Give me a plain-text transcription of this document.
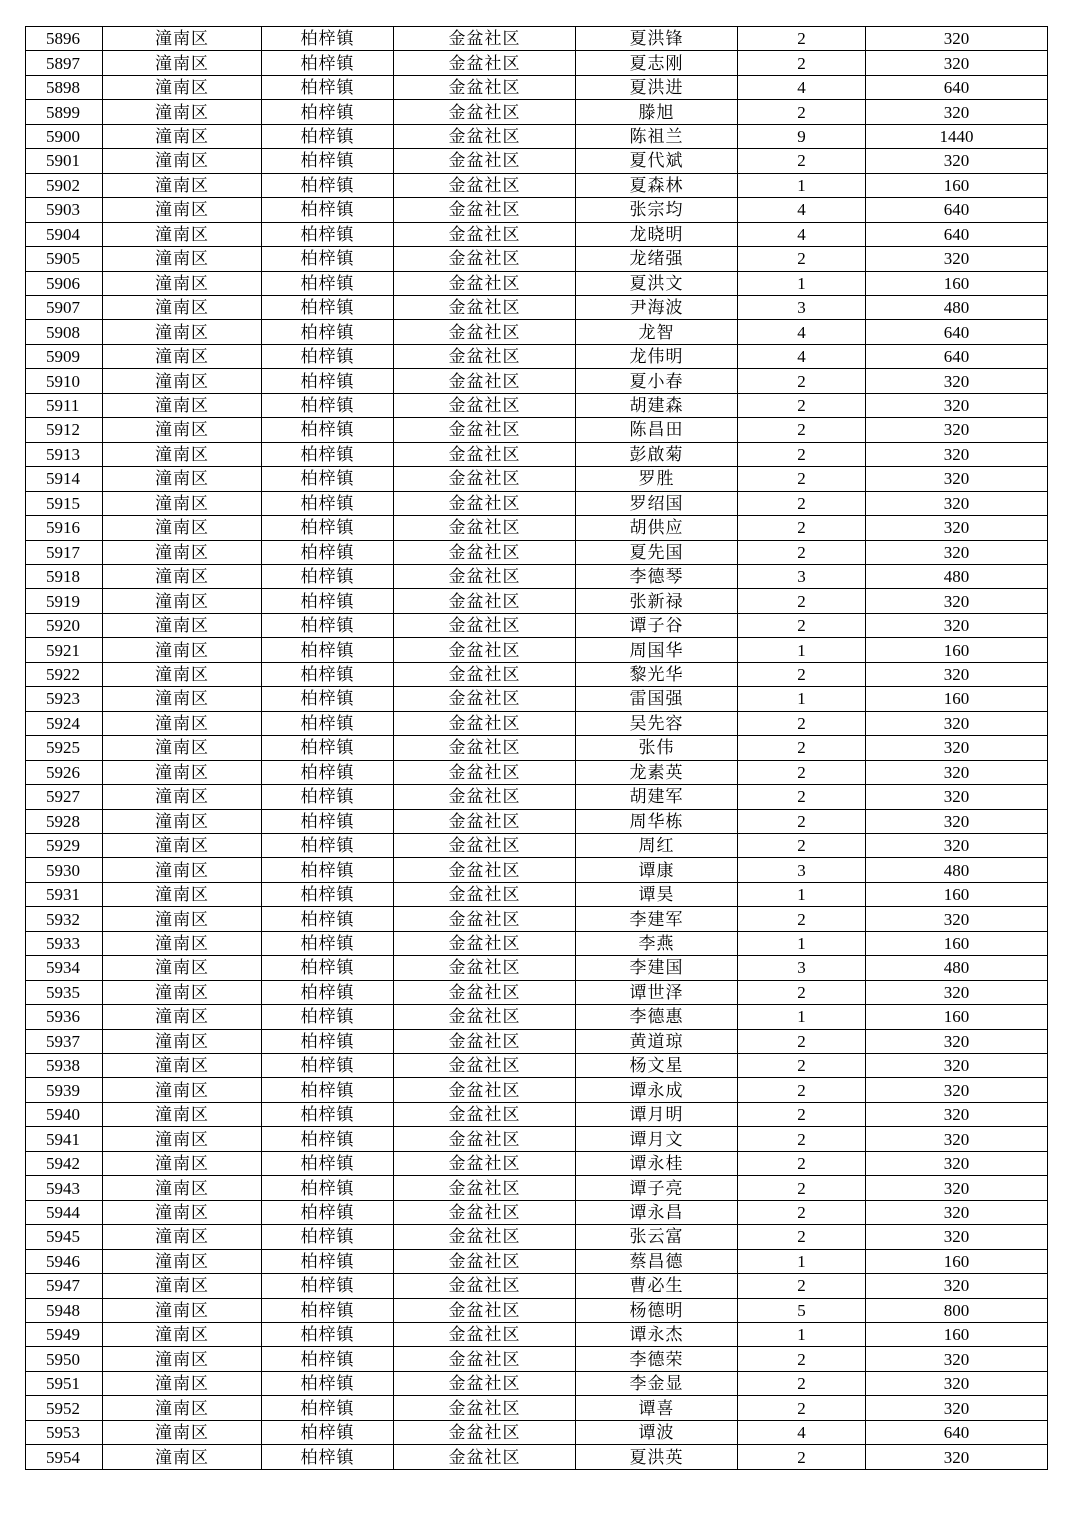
5896	潼南区	柏梓镇	金盆社区	夏洪锋	2	320
5897	潼南区	柏梓镇	金盆社区	夏志刚	2	320
5898	潼南区	柏梓镇	金盆社区	夏洪进	4	640
5899	潼南区	柏梓镇	金盆社区	滕旭	2	320
5900	潼南区	柏梓镇	金盆社区	陈祖兰	9	1440
5901	潼南区	柏梓镇	金盆社区	夏代斌	2	320
5902	潼南区	柏梓镇	金盆社区	夏森林	1	160
5903	潼南区	柏梓镇	金盆社区	张宗均	4	640
5904	潼南区	柏梓镇	金盆社区	龙晓明	4	640
5905	潼南区	柏梓镇	金盆社区	龙绪强	2	320
5906	潼南区	柏梓镇	金盆社区	夏洪文	1	160
5907	潼南区	柏梓镇	金盆社区	尹海波	3	480
5908	潼南区	柏梓镇	金盆社区	龙智	4	640
5909	潼南区	柏梓镇	金盆社区	龙伟明	4	640
5910	潼南区	柏梓镇	金盆社区	夏小春	2	320
5911	潼南区	柏梓镇	金盆社区	胡建森	2	320
5912	潼南区	柏梓镇	金盆社区	陈昌田	2	320
5913	潼南区	柏梓镇	金盆社区	彭啟菊	2	320
5914	潼南区	柏梓镇	金盆社区	罗胜	2	320
5915	潼南区	柏梓镇	金盆社区	罗绍国	2	320
5916	潼南区	柏梓镇	金盆社区	胡供应	2	320
5917	潼南区	柏梓镇	金盆社区	夏先国	2	320
5918	潼南区	柏梓镇	金盆社区	李德琴	3	480
5919	潼南区	柏梓镇	金盆社区	张新禄	2	320
5920	潼南区	柏梓镇	金盆社区	谭子谷	2	320
5921	潼南区	柏梓镇	金盆社区	周国华	1	160
5922	潼南区	柏梓镇	金盆社区	黎光华	2	320
5923	潼南区	柏梓镇	金盆社区	雷国强	1	160
5924	潼南区	柏梓镇	金盆社区	吴先容	2	320
5925	潼南区	柏梓镇	金盆社区	张伟	2	320
5926	潼南区	柏梓镇	金盆社区	龙素英	2	320
5927	潼南区	柏梓镇	金盆社区	胡建军	2	320
5928	潼南区	柏梓镇	金盆社区	周华栋	2	320
5929	潼南区	柏梓镇	金盆社区	周红	2	320
5930	潼南区	柏梓镇	金盆社区	谭康	3	480
5931	潼南区	柏梓镇	金盆社区	谭昊	1	160
5932	潼南区	柏梓镇	金盆社区	李建军	2	320
5933	潼南区	柏梓镇	金盆社区	李燕	1	160
5934	潼南区	柏梓镇	金盆社区	李建国	3	480
5935	潼南区	柏梓镇	金盆社区	谭世泽	2	320
5936	潼南区	柏梓镇	金盆社区	李德惠	1	160
5937	潼南区	柏梓镇	金盆社区	黄道琼	2	320
5938	潼南区	柏梓镇	金盆社区	杨文星	2	320
5939	潼南区	柏梓镇	金盆社区	谭永成	2	320
5940	潼南区	柏梓镇	金盆社区	谭月明	2	320
5941	潼南区	柏梓镇	金盆社区	谭月文	2	320
5942	潼南区	柏梓镇	金盆社区	谭永桂	2	320
5943	潼南区	柏梓镇	金盆社区	谭子亮	2	320
5944	潼南区	柏梓镇	金盆社区	谭永昌	2	320
5945	潼南区	柏梓镇	金盆社区	张云富	2	320
5946	潼南区	柏梓镇	金盆社区	蔡昌德	1	160
5947	潼南区	柏梓镇	金盆社区	曹必生	2	320
5948	潼南区	柏梓镇	金盆社区	杨德明	5	800
5949	潼南区	柏梓镇	金盆社区	谭永杰	1	160
5950	潼南区	柏梓镇	金盆社区	李德荣	2	320
5951	潼南区	柏梓镇	金盆社区	李金显	2	320
5952	潼南区	柏梓镇	金盆社区	谭喜	2	320
5953	潼南区	柏梓镇	金盆社区	谭波	4	640
5954	潼南区	柏梓镇	金盆社区	夏洪英	2	320
